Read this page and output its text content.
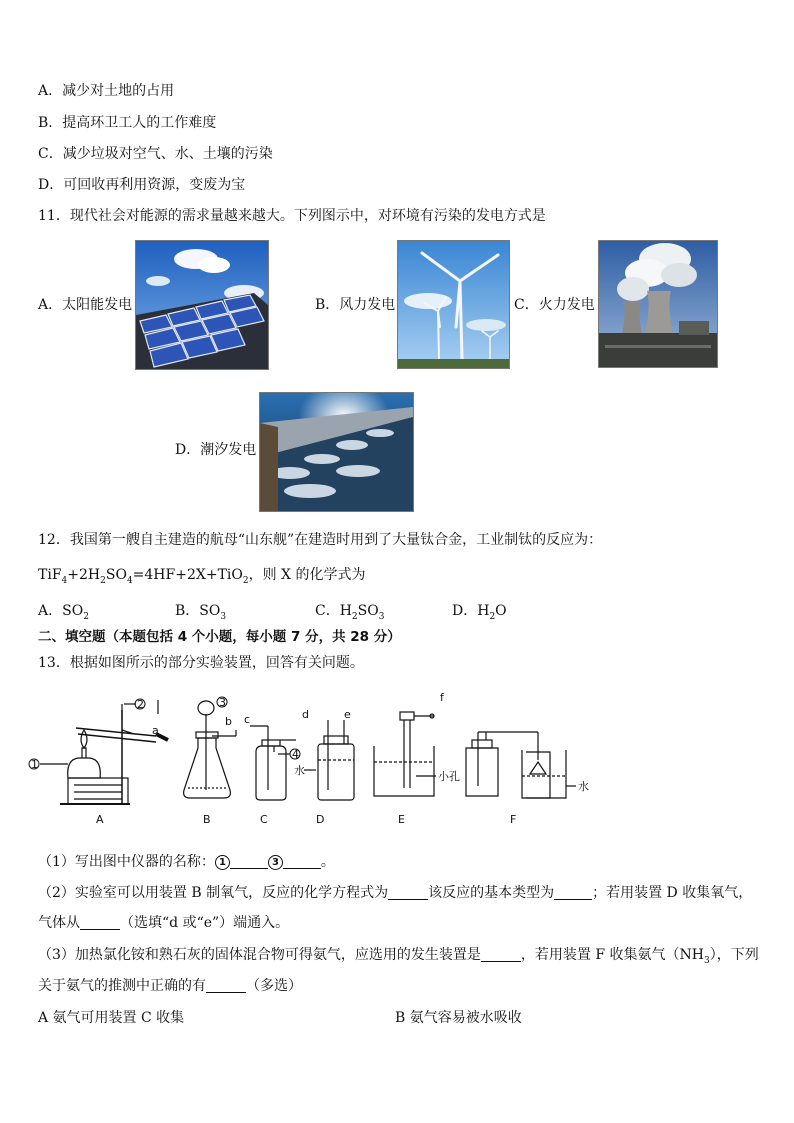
A．减少对土地的占用
B．提高环卫工人的工作难度
C．减少垃圾对空气、水、土壤的污染
D．可回收再利用资源，变废为宝
11．现代社会对能源的需求量越来越大。下列图示中，对环境有污染的发电方式是
A．太阳能发电	B．风力发电	C．火力发电
D．潮汐发电
12．我国第一艘自主建造的航母“山东舰”在建造时用到了大量钛合金，工业制钛的反应为：
$TiF_4+2H_2SO_4=4HF+2X+TiO_2$，则 X 的化学式为
A．$SO_2$	B．$SO_3$	C．$H_2SO_3$	D．$H_2O$
二、填空题（本题包括 4 个小题，每小题 7 分，共 28 分）
13．根据如图所示的部分实验装置，回答有关问题。
A	B	C	D	E	F
a
b c	d	e
f
1
2	3
4
水	小孔
水
（1）写出图中仪器的名称： 1	3	。
（2）实验室可以用装置 B 制氧气，反应的化学方程式为	该反应的基本类型为	；若用装置 D 收集氧气，
气体从	（选填“d 或“e”）端通入。
（3）加热氯化铵和熟石灰的固体混合物可得氨气，应选用的发生装置是	，若用装置 F 收集氨气$(NH_3)$，下列
关于氨气的推测中正确的有	（多选）
A 氨气可用装置 C 收集	B 氨气容易被水吸收
